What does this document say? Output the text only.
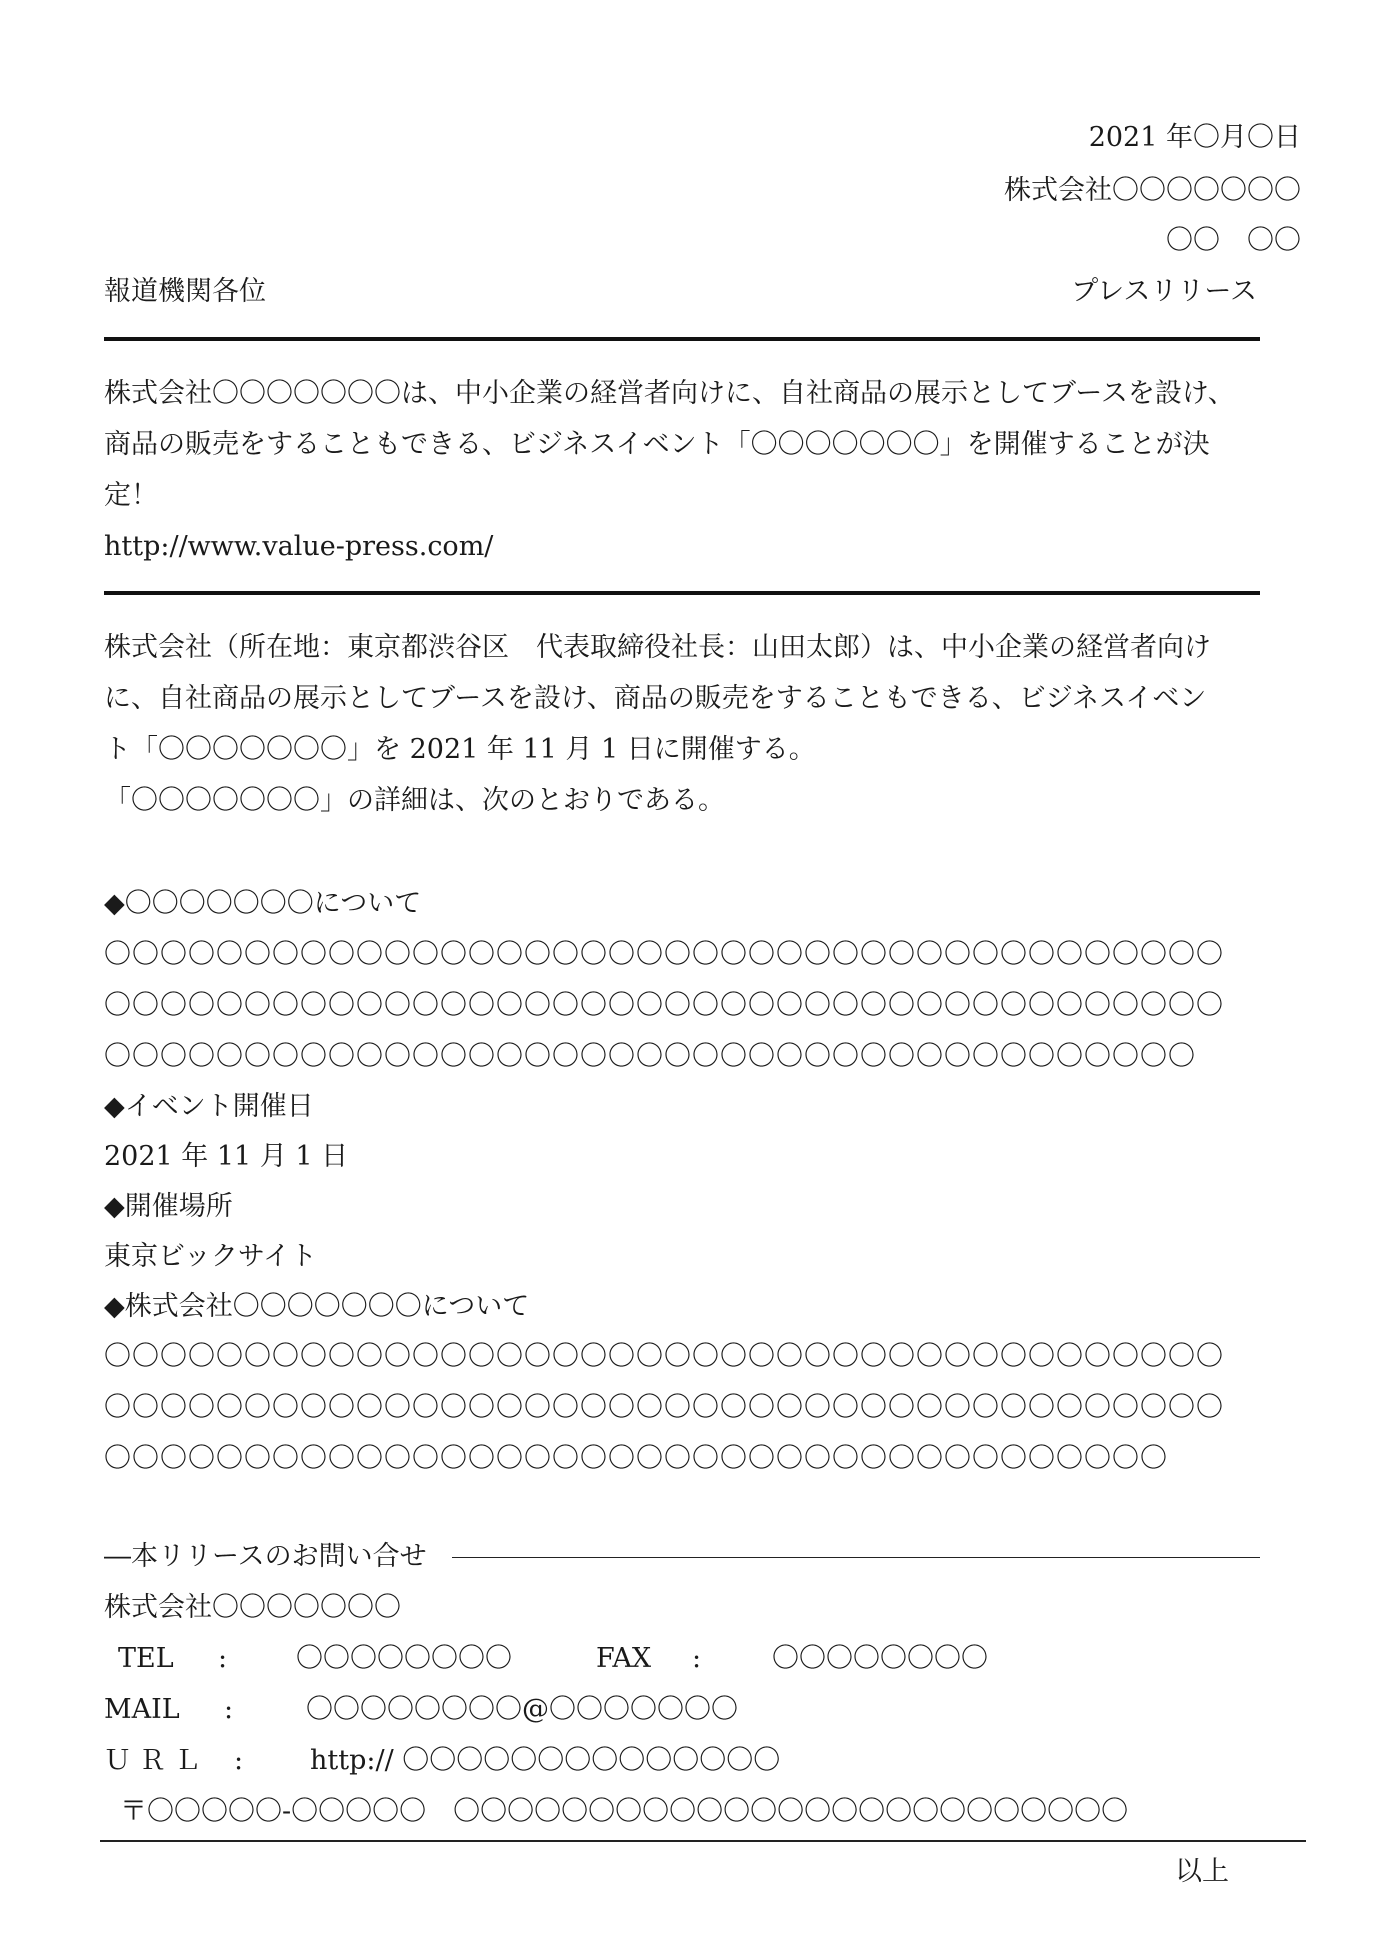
2021 年〇月〇日
株式会社〇〇〇〇〇〇〇
〇〇　〇〇
報道機関各位	プレスリリース
株式会社〇〇〇〇〇〇〇は、中小企業の経営者向けに、自社商品の展示としてブースを設け、
商品の販売をすることもできる、ビジネスイベント「〇〇〇〇〇〇〇」を開催することが決
定！
http://www.value-press.com/
株式会社（所在地：東京都渋谷区　代表取締役社長：山田太郎）は、中小企業の経営者向け
に、自社商品の展示としてブースを設け、商品の販売をすることもできる、ビジネスイベン
ト「〇〇〇〇〇〇〇」を 2021 年 11 月 1 日に開催する。
「〇〇〇〇〇〇〇」の詳細は、次のとおりである。
◆〇〇〇〇〇〇〇について
〇〇〇〇〇〇〇〇〇〇〇〇〇〇〇〇〇〇〇〇〇〇〇〇〇〇〇〇〇〇〇〇〇〇〇〇〇〇〇〇
〇〇〇〇〇〇〇〇〇〇〇〇〇〇〇〇〇〇〇〇〇〇〇〇〇〇〇〇〇〇〇〇〇〇〇〇〇〇〇〇
〇〇〇〇〇〇〇〇〇〇〇〇〇〇〇〇〇〇〇〇〇〇〇〇〇〇〇〇〇〇〇〇〇〇〇〇〇〇〇
◆イベント開催日
2021 年 11 月 1 日
◆開催場所
東京ビックサイト
◆株式会社〇〇〇〇〇〇〇について
〇〇〇〇〇〇〇〇〇〇〇〇〇〇〇〇〇〇〇〇〇〇〇〇〇〇〇〇〇〇〇〇〇〇〇〇〇〇〇〇
〇〇〇〇〇〇〇〇〇〇〇〇〇〇〇〇〇〇〇〇〇〇〇〇〇〇〇〇〇〇〇〇〇〇〇〇〇〇〇〇
〇〇〇〇〇〇〇〇〇〇〇〇〇〇〇〇〇〇〇〇〇〇〇〇〇〇〇〇〇〇〇〇〇〇〇〇〇〇
―本リリースのお問い合せ
株式会社〇〇〇〇〇〇〇
TEL :	〇〇〇〇〇〇〇〇	FAX :	〇〇〇〇〇〇〇〇
MAIL :	〇〇〇〇〇〇〇〇@〇〇〇〇〇〇〇
ＵＲＬ : http:// 〇〇〇〇〇〇〇〇〇〇〇〇〇〇
〒〇〇〇〇〇-〇〇〇〇〇　〇〇〇〇〇〇〇〇〇〇〇〇〇〇〇〇〇〇〇〇〇〇〇〇〇
以上
